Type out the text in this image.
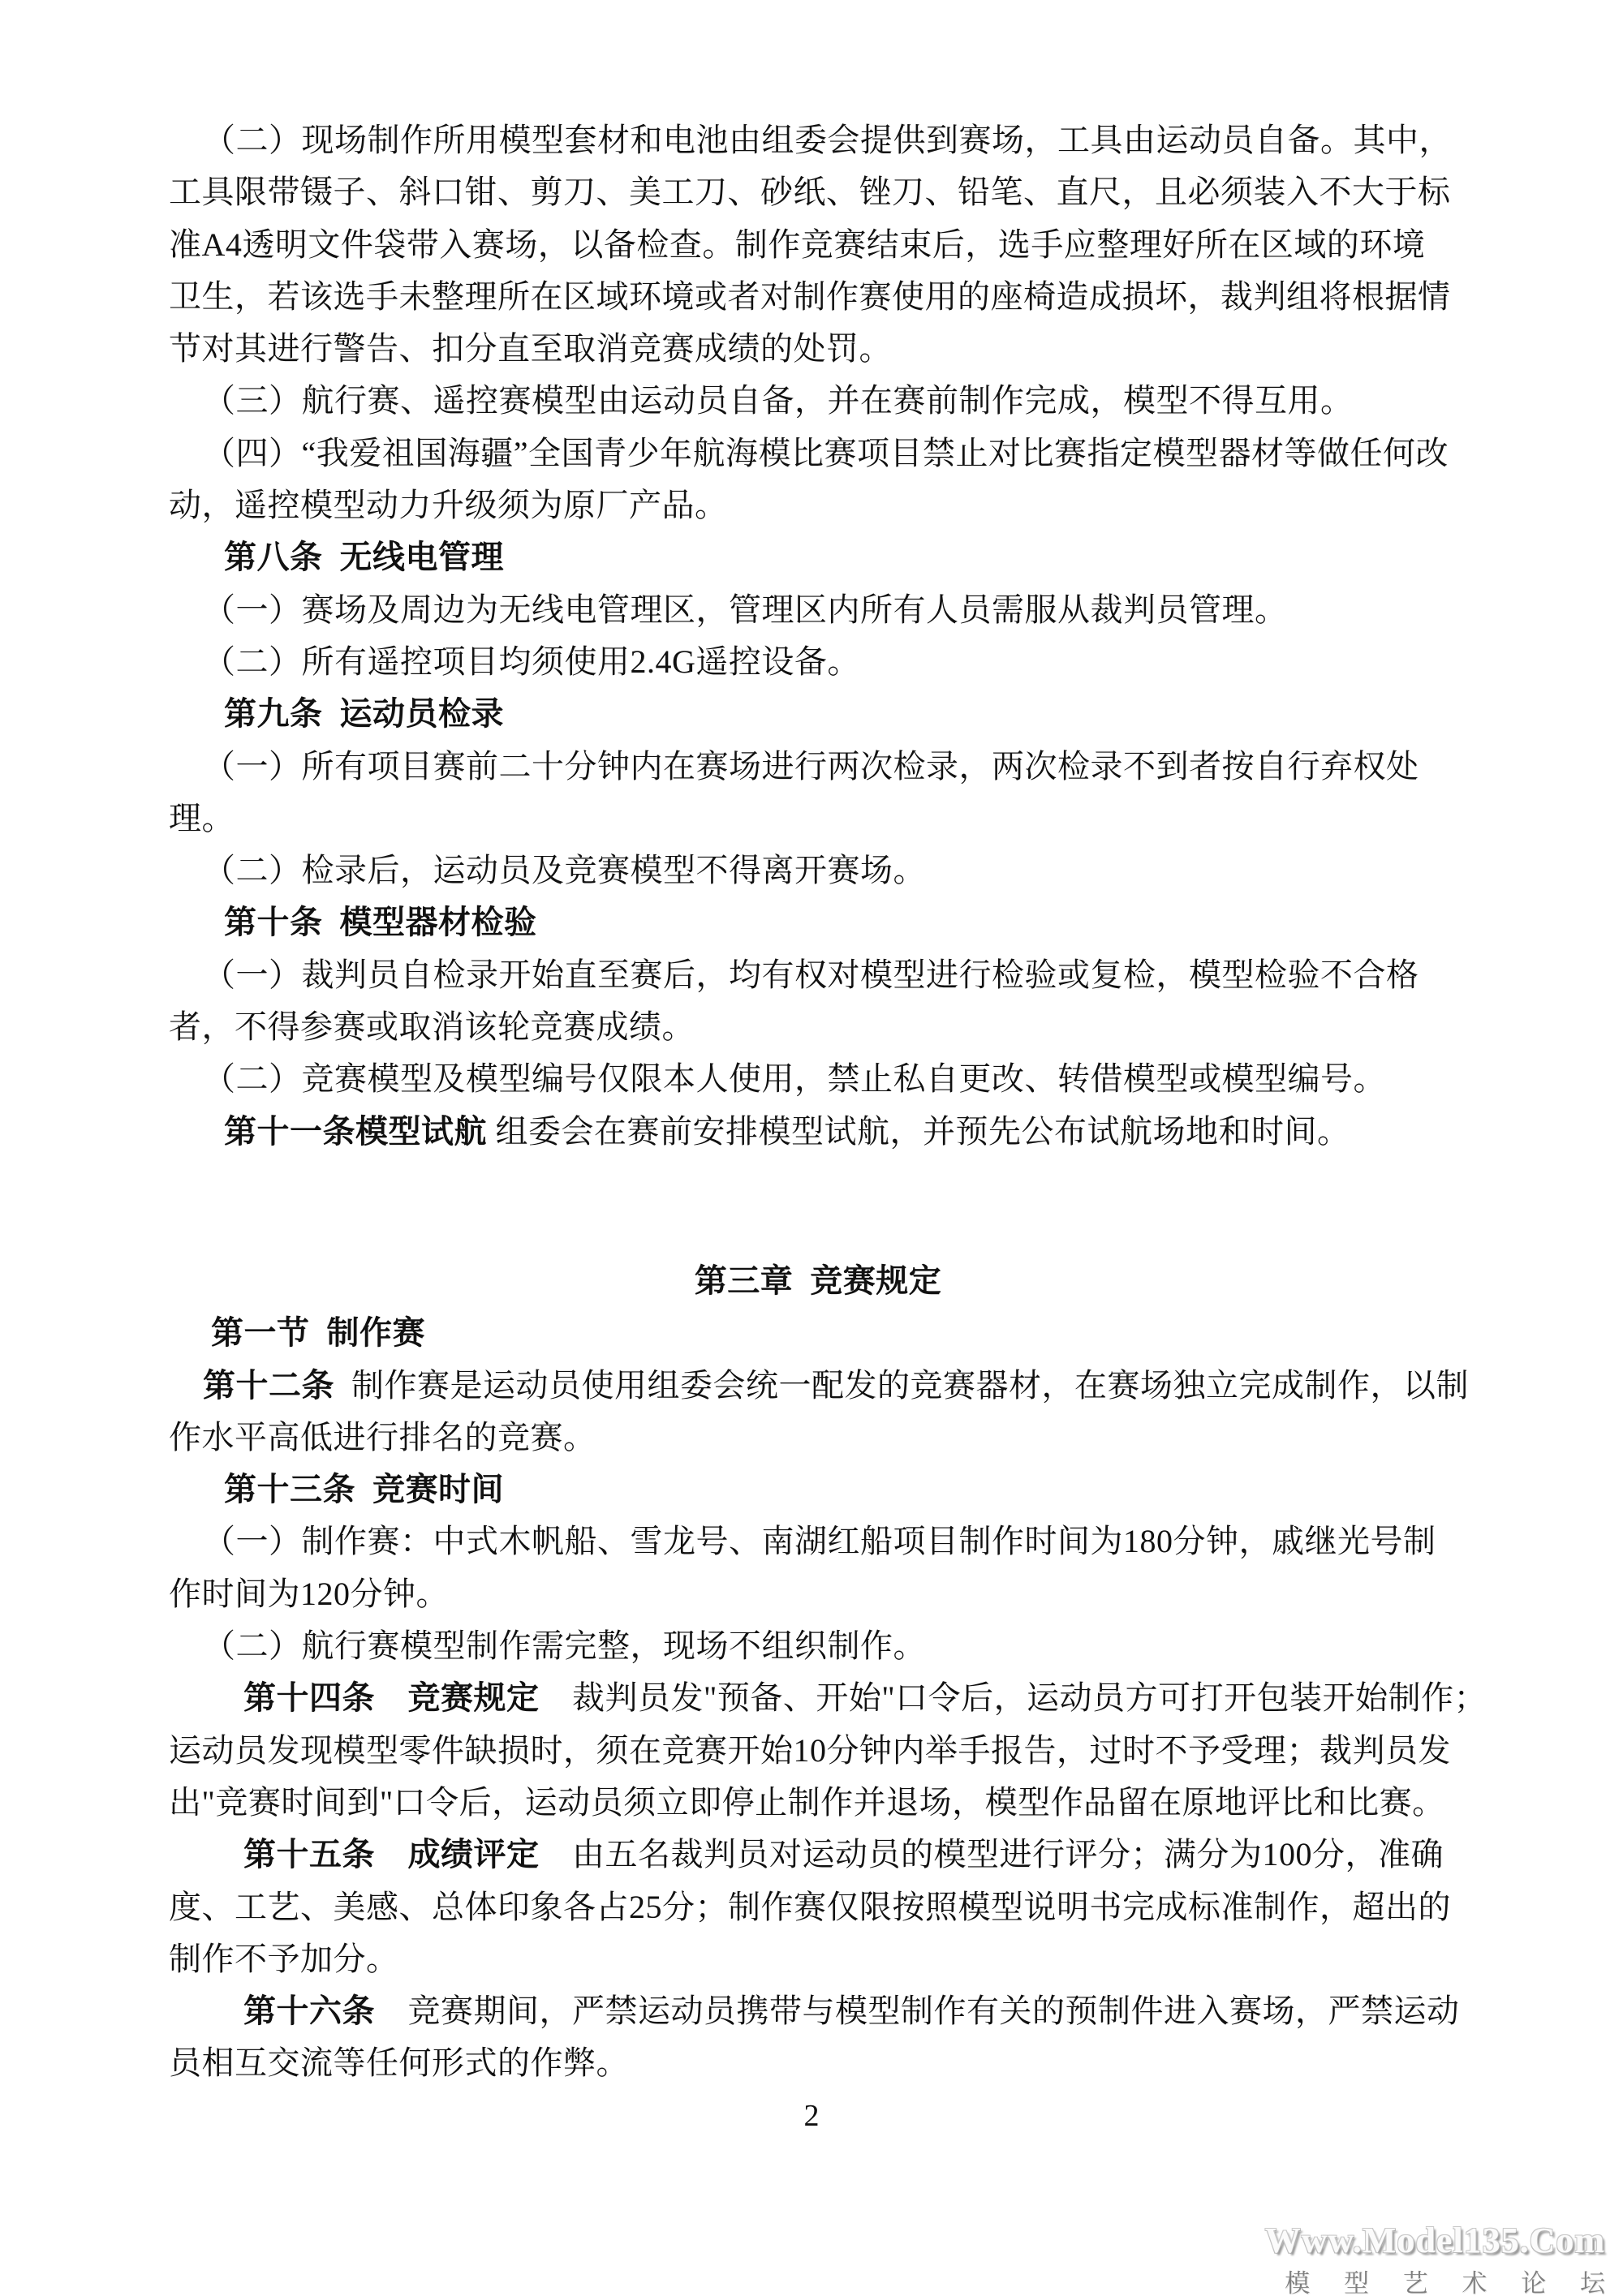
（二）现场制作所用模型套材和电池由组委会提供到赛场，工具由运动员自备。其中，
工具限带镊子、斜口钳、剪刀、美工刀、砂纸、锉刀、铅笔、直尺，且必须装入不大于标
准A4透明文件袋带入赛场，以备检查。制作竞赛结束后，选手应整理好所在区域的环境
卫生，若该选手未整理所在区域环境或者对制作赛使用的座椅造成损坏，裁判组将根据情
节对其进行警告、扣分直至取消竞赛成绩的处罚。
（三）航行赛、遥控赛模型由运动员自备，并在赛前制作完成，模型不得互用。
（四）“我爱祖国海疆”全国青少年航海模比赛项目禁止对比赛指定模型器材等做任何改
动，遥控模型动力升级须为原厂产品。
第八条  无线电管理
（一）赛场及周边为无线电管理区，管理区内所有人员需服从裁判员管理。
（二）所有遥控项目均须使用2.4G遥控设备。
第九条  运动员检录
（一）所有项目赛前二十分钟内在赛场进行两次检录，两次检录不到者按自行弃权处
理。
（二）检录后，运动员及竞赛模型不得离开赛场。
第十条  模型器材检验
（一）裁判员自检录开始直至赛后，均有权对模型进行检验或复检，模型检验不合格
者，不得参赛或取消该轮竞赛成绩。
（二）竞赛模型及模型编号仅限本人使用，禁止私自更改、转借模型或模型编号。
第十一条模型试航 组委会在赛前安排模型试航，并预先公布试航场地和时间。
第三章  竞赛规定
第一节  制作赛
第十二条  制作赛是运动员使用组委会统一配发的竞赛器材，在赛场独立完成制作，以制
作水平高低进行排名的竞赛。
第十三条  竞赛时间
（一）制作赛：中式木帆船、雪龙号、南湖红船项目制作时间为180分钟，戚继光号制
作时间为120分钟。
（二）航行赛模型制作需完整，现场不组织制作。
第十四条　竞赛规定　裁判员发"预备、开始"口令后，运动员方可打开包装开始制作；
运动员发现模型零件缺损时，须在竞赛开始10分钟内举手报告，过时不予受理；裁判员发
出"竞赛时间到"口令后，运动员须立即停止制作并退场，模型作品留在原地评比和比赛。
第十五条　成绩评定　由五名裁判员对运动员的模型进行评分；满分为100分，准确
度、工艺、美感、总体印象各占25分；制作赛仅限按照模型说明书完成标准制作，超出的
制作不予加分。
第十六条　竞赛期间，严禁运动员携带与模型制作有关的预制件进入赛场，严禁运动
员相互交流等任何形式的作弊。
2
Www.Model135.Com
模 型 艺 术 论 坛
